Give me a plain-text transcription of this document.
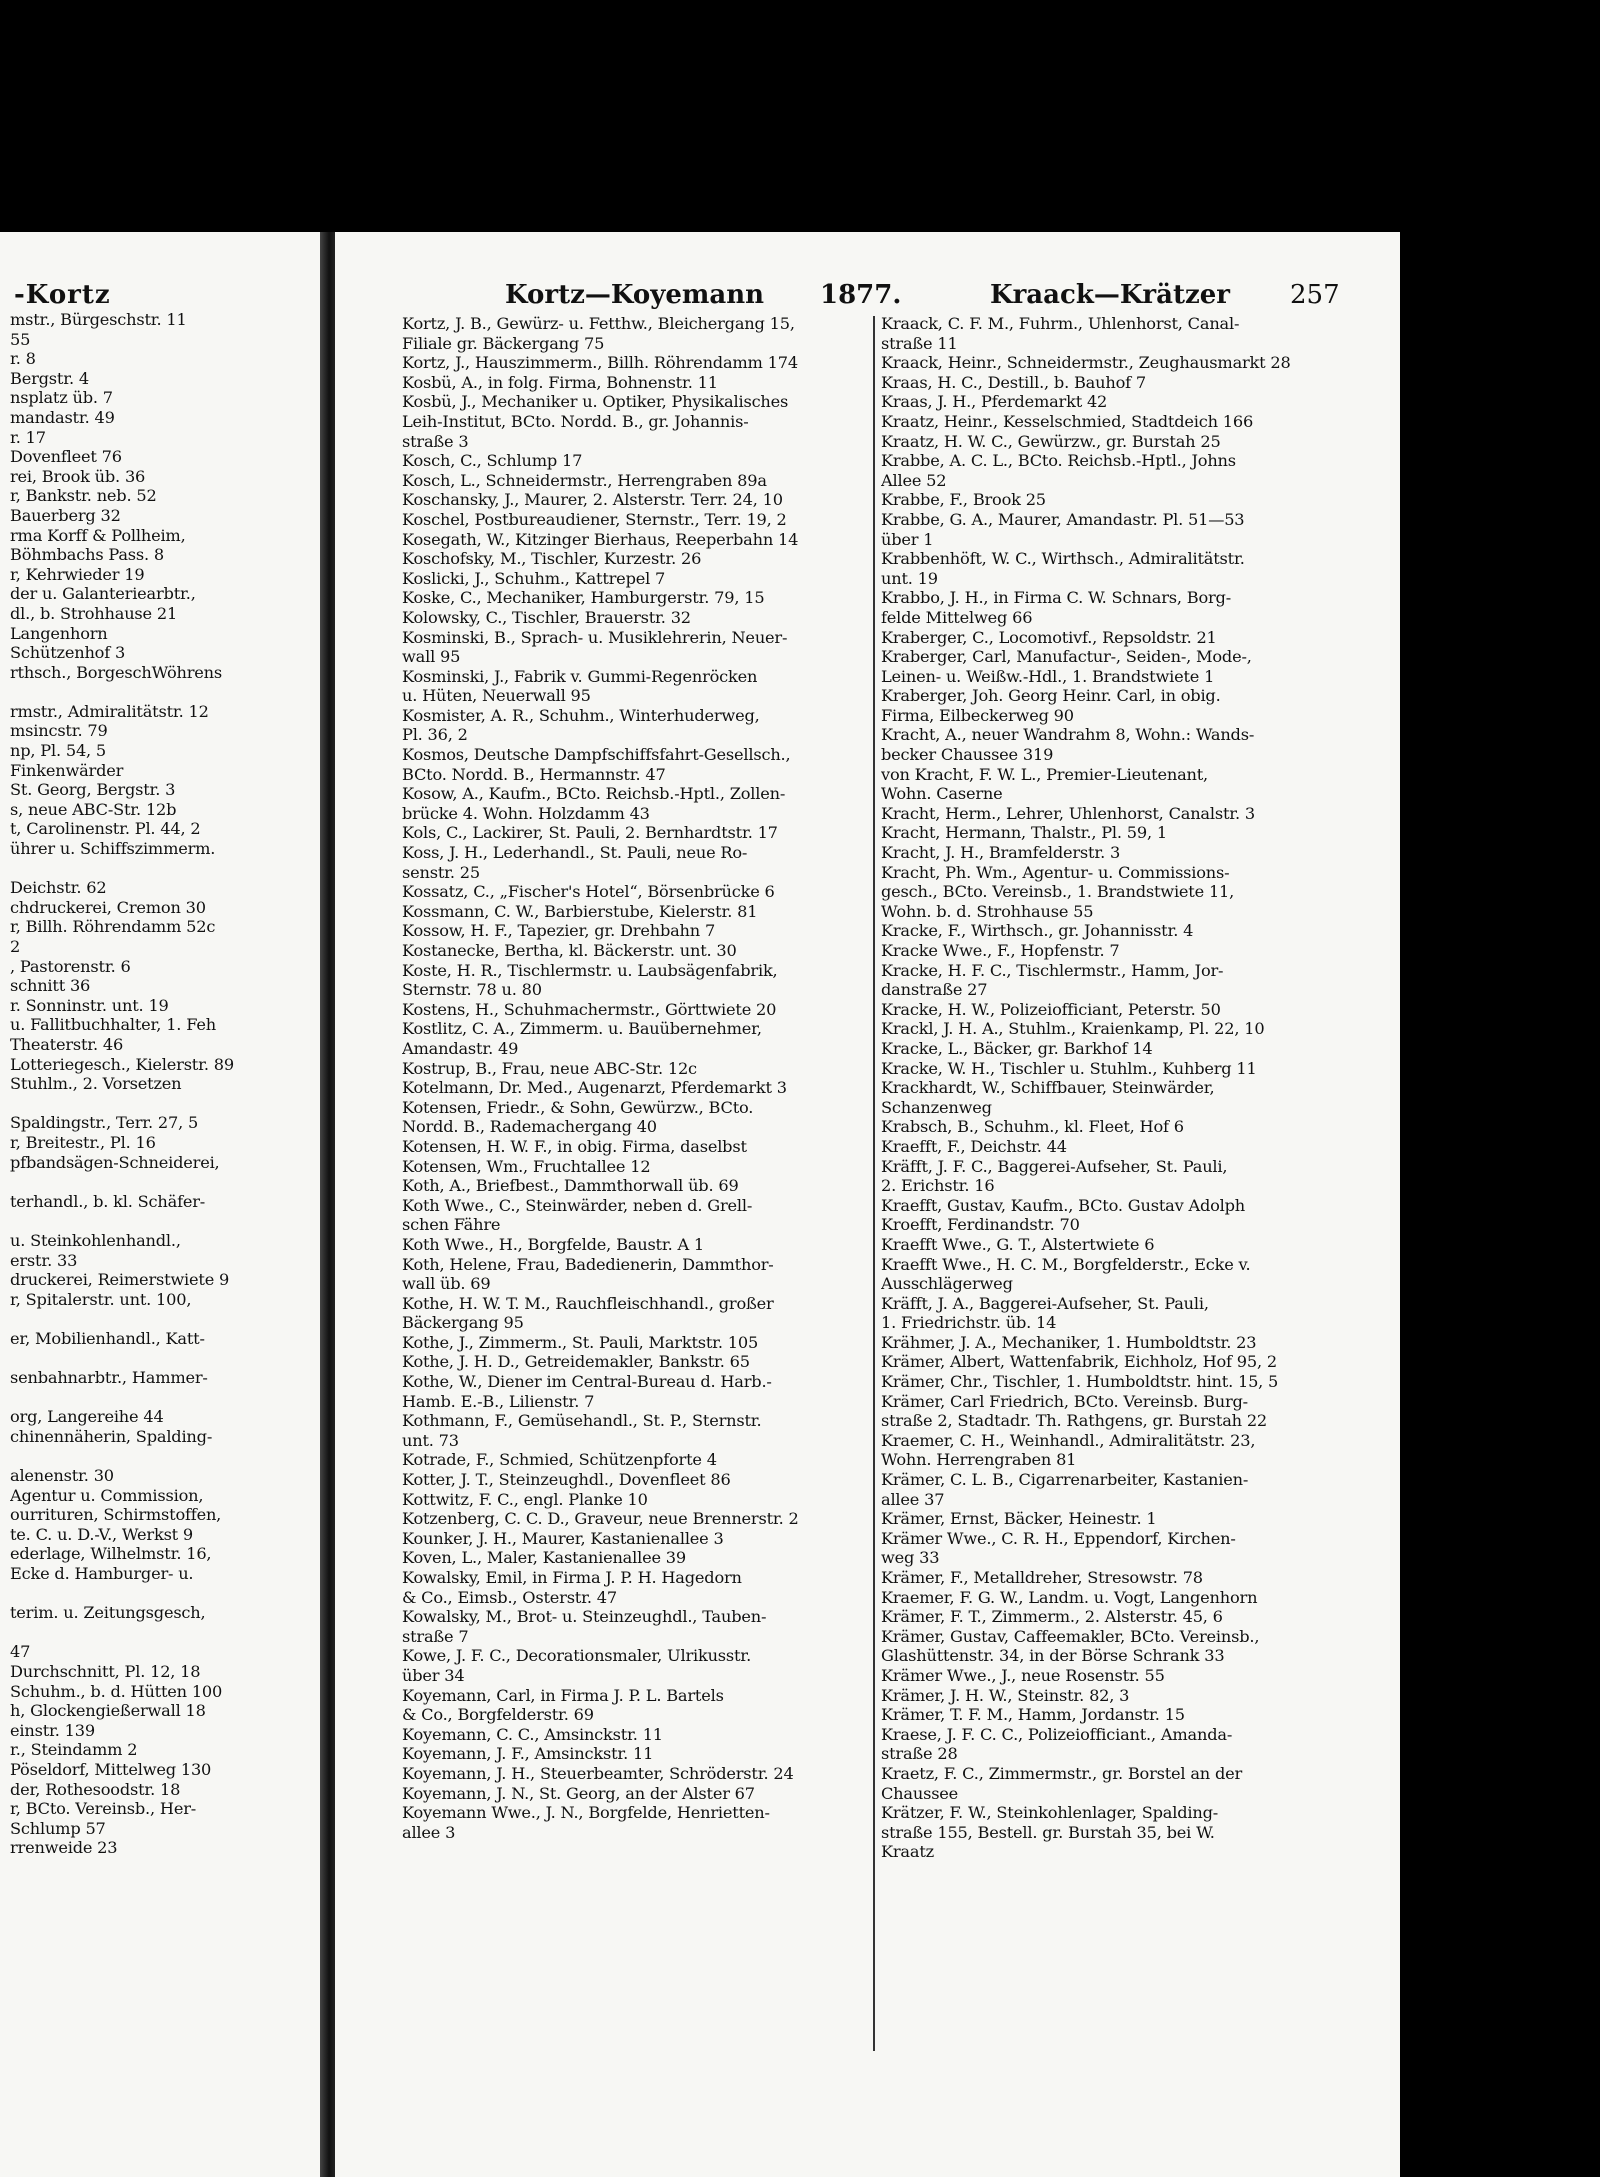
-Kortz
mstr., Bürgeschstr. 11
55
r. 8
Bergstr. 4
nsplatz üb. 7
mandastr. 49
r. 17
Dovenfleet 76
rei, Brook üb. 36
r, Bankstr. neb. 52
Bauerberg 32
rma Korff & Pollheim,
Böhmbachs Pass. 8
r, Kehrwieder 19
der u. Galanteriearbtr.,
dl., b. Strohhause 21
Langenhorn
Schützenhof 3
rthsch., BorgeschWöhrens
rmstr., Admiralitätstr. 12
msincstr. 79
np, Pl. 54, 5
Finkenwärder
St. Georg, Bergstr. 3
s, neue ABC-Str. 12b
t, Carolinenstr. Pl. 44, 2
ührer u. Schiffszimmerm.
Deichstr. 62
chdruckerei, Cremon 30
r, Billh. Röhrendamm 52c
2
, Pastorenstr. 6
schnitt 36
r. Sonninstr. unt. 19
u. Fallitbuchhalter, 1. Feh
Theaterstr. 46
Lotteriegesch., Kielerstr. 89
Stuhlm., 2. Vorsetzen
Spaldingstr., Terr. 27, 5
r, Breitestr., Pl. 16
pfbandsägen-Schneiderei,
terhandl., b. kl. Schäfer-
u. Steinkohlenhandl.,
erstr. 33
druckerei, Reimerstwiete 9
r, Spitalerstr. unt. 100,
er, Mobilienhandl., Katt-
senbahnarbtr., Hammer-
org, Langereihe 44
chinennäherin, Spalding-
alenenstr. 30
Agentur u. Commission,
ourrituren, Schirmstoffen,
te. C. u. D.-V., Werkst 9
ederlage, Wilhelmstr. 16,
Ecke d. Hamburger- u.
terim. u. Zeitungsgesch,
47
Durchschnitt, Pl. 12, 18
Schuhm., b. d. Hütten 100
h, Glockengießerwall 18
einstr. 139
r., Steindamm 2
Pöseldorf, Mittelweg 130
der, Rothesoodstr. 18
r, BCto. Vereinsb., Her-
Schlump 57
rrenweide 23
Kortz—Koyemann 1877.	Kraack—Krätzer 257
Kortz, J. B., Gewürz- u. Fetthw., Bleichergang 15,
Filiale gr. Bäckergang 75
Kortz, J., Hauszimmerm., Billh. Röhrendamm 174
Kosbü, A., in folg. Firma, Bohnenstr. 11
Kosbü, J., Mechaniker u. Optiker, Physikalisches
Leih-Institut, BCto. Nordd. B., gr. Johannis-
straße 3
Kosch, C., Schlump 17
Kosch, L., Schneidermstr., Herrengraben 89a
Koschansky, J., Maurer, 2. Alsterstr. Terr. 24, 10
Koschel, Postbureaudiener, Sternstr., Terr. 19, 2
Kosegath, W., Kitzinger Bierhaus, Reeperbahn 14
Koschofsky, M., Tischler, Kurzestr. 26
Koslicki, J., Schuhm., Kattrepel 7
Koske, C., Mechaniker, Hamburgerstr. 79, 15
Kolowsky, C., Tischler, Brauerstr. 32
Kosminski, B., Sprach- u. Musiklehrerin, Neuer-
wall 95
Kosminski, J., Fabrik v. Gummi-Regenröcken
u. Hüten, Neuerwall 95
Kosmister, A. R., Schuhm., Winterhuderweg,
Pl. 36, 2
Kosmos, Deutsche Dampfschiffsfahrt-Gesellsch.,
BCto. Nordd. B., Hermannstr. 47
Kosow, A., Kaufm., BCto. Reichsb.-Hptl., Zollen-
brücke 4. Wohn. Holzdamm 43
Kols, C., Lackirer, St. Pauli, 2. Bernhardtstr. 17
Koss, J. H., Lederhandl., St. Pauli, neue Ro-
senstr. 25
Kossatz, C., „Fischer's Hotel“, Börsenbrücke 6
Kossmann, C. W., Barbierstube, Kielerstr. 81
Kossow, H. F., Tapezier, gr. Drehbahn 7
Kostanecke, Bertha, kl. Bäckerstr. unt. 30
Koste, H. R., Tischlermstr. u. Laubsägenfabrik,
Sternstr. 78 u. 80
Kostens, H., Schuhmachermstr., Görttwiete 20
Kostlitz, C. A., Zimmerm. u. Bauübernehmer,
Amandastr. 49
Kostrup, B., Frau, neue ABC-Str. 12c
Kotelmann, Dr. Med., Augenarzt, Pferdemarkt 3
Kotensen, Friedr., & Sohn, Gewürzw., BCto.
Nordd. B., Rademachergang 40
Kotensen, H. W. F., in obig. Firma, daselbst
Kotensen, Wm., Fruchtallee 12
Koth, A., Briefbest., Dammthorwall üb. 69
Koth Wwe., C., Steinwärder, neben d. Grell-
schen Fähre
Koth Wwe., H., Borgfelde, Baustr. A 1
Koth, Helene, Frau, Badedienerin, Dammthor-
wall üb. 69
Kothe, H. W. T. M., Rauchfleischhandl., großer
Bäckergang 95
Kothe, J., Zimmerm., St. Pauli, Marktstr. 105
Kothe, J. H. D., Getreidemakler, Bankstr. 65
Kothe, W., Diener im Central-Bureau d. Harb.-
Hamb. E.-B., Lilienstr. 7
Kothmann, F., Gemüsehandl., St. P., Sternstr.
unt. 73
Kotrade, F., Schmied, Schützenpforte 4
Kotter, J. T., Steinzeughdl., Dovenfleet 86
Kottwitz, F. C., engl. Planke 10
Kotzenberg, C. C. D., Graveur, neue Brennerstr. 2
Kounker, J. H., Maurer, Kastanienallee 3
Koven, L., Maler, Kastanienallee 39
Kowalsky, Emil, in Firma J. P. H. Hagedorn
& Co., Eimsb., Osterstr. 47
Kowalsky, M., Brot- u. Steinzeughdl., Tauben-
straße 7
Kowe, J. F. C., Decorationsmaler, Ulrikusstr.
über 34
Koyemann, Carl, in Firma J. P. L. Bartels
& Co., Borgfelderstr. 69
Koyemann, C. C., Amsinckstr. 11
Koyemann, J. F., Amsinckstr. 11
Koyemann, J. H., Steuerbeamter, Schröderstr. 24
Koyemann, J. N., St. Georg, an der Alster 67
Koyemann Wwe., J. N., Borgfelde, Henrietten-
allee 3
Kraack, C. F. M., Fuhrm., Uhlenhorst, Canal-
straße 11
Kraack, Heinr., Schneidermstr., Zeughausmarkt 28
Kraas, H. C., Destill., b. Bauhof 7
Kraas, J. H., Pferdemarkt 42
Kraatz, Heinr., Kesselschmied, Stadtdeich 166
Kraatz, H. W. C., Gewürzw., gr. Burstah 25
Krabbe, A. C. L., BCto. Reichsb.-Hptl., Johns
Allee 52
Krabbe, F., Brook 25
Krabbe, G. A., Maurer, Amandastr. Pl. 51—53
über 1
Krabbenhöft, W. C., Wirthsch., Admiralitätstr.
unt. 19
Krabbo, J. H., in Firma C. W. Schnars, Borg-
felde Mittelweg 66
Kraberger, C., Locomotivf., Repsoldstr. 21
Kraberger, Carl, Manufactur-, Seiden-, Mode-,
Leinen- u. Weißw.-Hdl., 1. Brandstwiete 1
Kraberger, Joh. Georg Heinr. Carl, in obig.
Firma, Eilbeckerweg 90
Kracht, A., neuer Wandrahm 8, Wohn.: Wands-
becker Chaussee 319
von Kracht, F. W. L., Premier-Lieutenant,
Wohn. Caserne
Kracht, Herm., Lehrer, Uhlenhorst, Canalstr. 3
Kracht, Hermann, Thalstr., Pl. 59, 1
Kracht, J. H., Bramfelderstr. 3
Kracht, Ph. Wm., Agentur- u. Commissions-
gesch., BCto. Vereinsb., 1. Brandstwiete 11,
Wohn. b. d. Strohhause 55
Kracke, F., Wirthsch., gr. Johannisstr. 4
Kracke Wwe., F., Hopfenstr. 7
Kracke, H. F. C., Tischlermstr., Hamm, Jor-
danstraße 27
Kracke, H. W., Polizeiofficiant, Peterstr. 50
Krackl, J. H. A., Stuhlm., Kraienkamp, Pl. 22, 10
Kracke, L., Bäcker, gr. Barkhof 14
Kracke, W. H., Tischler u. Stuhlm., Kuhberg 11
Krackhardt, W., Schiffbauer, Steinwärder,
Schanzenweg
Krabsch, B., Schuhm., kl. Fleet, Hof 6
Kraefft, F., Deichstr. 44
Kräfft, J. F. C., Baggerei-Aufseher, St. Pauli,
2. Erichstr. 16
Kraefft, Gustav, Kaufm., BCto. Gustav Adolph
Kroefft, Ferdinandstr. 70
Kraefft Wwe., G. T., Alstertwiete 6
Kraefft Wwe., H. C. M., Borgfelderstr., Ecke v.
Ausschlägerweg
Kräfft, J. A., Baggerei-Aufseher, St. Pauli,
1. Friedrichstr. üb. 14
Krähmer, J. A., Mechaniker, 1. Humboldtstr. 23
Krämer, Albert, Wattenfabrik, Eichholz, Hof 95, 2
Krämer, Chr., Tischler, 1. Humboldtstr. hint. 15, 5
Krämer, Carl Friedrich, BCto. Vereinsb. Burg-
straße 2, Stadtadr. Th. Rathgens, gr. Burstah 22
Kraemer, C. H., Weinhandl., Admiralitätstr. 23,
Wohn. Herrengraben 81
Krämer, C. L. B., Cigarrenarbeiter, Kastanien-
allee 37
Krämer, Ernst, Bäcker, Heinestr. 1
Krämer Wwe., C. R. H., Eppendorf, Kirchen-
weg 33
Krämer, F., Metalldreher, Stresowstr. 78
Kraemer, F. G. W., Landm. u. Vogt, Langenhorn
Krämer, F. T., Zimmerm., 2. Alsterstr. 45, 6
Krämer, Gustav, Caffeemakler, BCto. Vereinsb.,
Glashüttenstr. 34, in der Börse Schrank 33
Krämer Wwe., J., neue Rosenstr. 55
Krämer, J. H. W., Steinstr. 82, 3
Krämer, T. F. M., Hamm, Jordanstr. 15
Kraese, J. F. C. C., Polizeiofficiant., Amanda-
straße 28
Kraetz, F. C., Zimmermstr., gr. Borstel an der
Chaussee
Krätzer, F. W., Steinkohlenlager, Spalding-
straße 155, Bestell. gr. Burstah 35, bei W.
Kraatz
